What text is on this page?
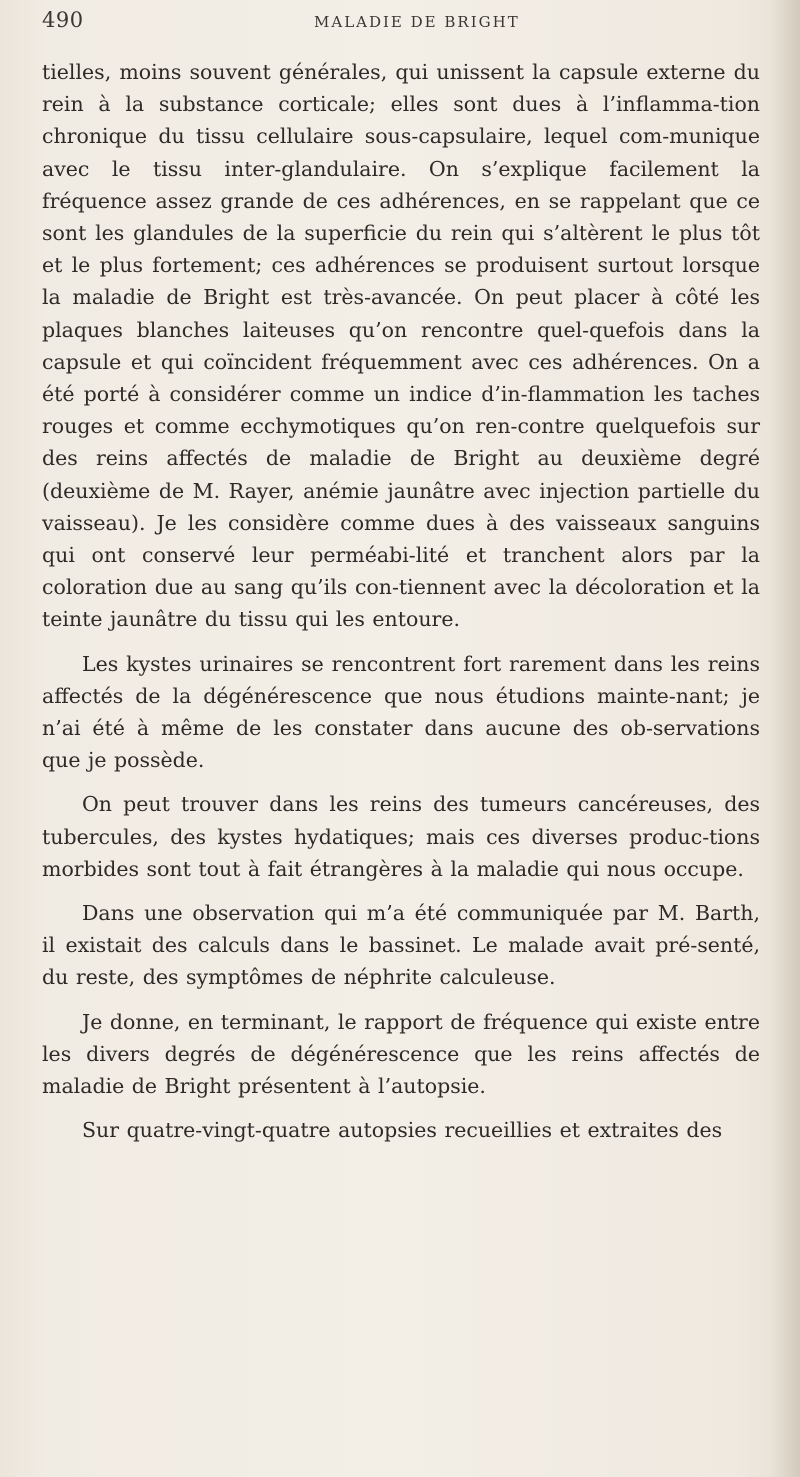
490	MALADIE DE BRIGHT

tielles, moins souvent générales, qui unissent la capsule externe du rein à la substance corticale; elles sont dues à l’inflamma-tion chronique du tissu cellulaire sous-capsulaire, lequel com-munique avec le tissu inter-glandulaire. On s’explique facilement la fréquence assez grande de ces adhérences, en se rappelant que ce sont les glandules de la superficie du rein qui s’altèrent le plus tôt et le plus fortement; ces adhérences se produisent surtout lorsque la maladie de Bright est très-avancée. On peut placer à côté les plaques blanches laiteuses qu’on rencontre quel-quefois dans la capsule et qui coïncident fréquemment avec ces adhérences. On a été porté à considérer comme un indice d’in-flammation les taches rouges et comme ecchymotiques qu’on ren-contre quelquefois sur des reins affectés de maladie de Bright au deuxième degré (deuxième de M. Rayer, anémie jaunâtre avec injection partielle du vaisseau). Je les considère comme dues à des vaisseaux sanguins qui ont conservé leur perméabi-lité et tranchent alors par la coloration due au sang qu’ils con-tiennent avec la décoloration et la teinte jaunâtre du tissu qui les entoure.

Les kystes urinaires se rencontrent fort rarement dans les reins affectés de la dégénérescence que nous étudions mainte-nant; je n’ai été à même de les constater dans aucune des ob-servations que je possède.

On peut trouver dans les reins des tumeurs cancéreuses, des tubercules, des kystes hydatiques; mais ces diverses produc-tions morbides sont tout à fait étrangères à la maladie qui nous occupe.

Dans une observation qui m’a été communiquée par M. Barth, il existait des calculs dans le bassinet. Le malade avait pré-senté, du reste, des symptômes de néphrite calculeuse.

Je donne, en terminant, le rapport de fréquence qui existe entre les divers degrés de dégénérescence que les reins affectés de maladie de Bright présentent à l’autopsie.

Sur quatre-vingt-quatre autopsies recueillies et extraites des
